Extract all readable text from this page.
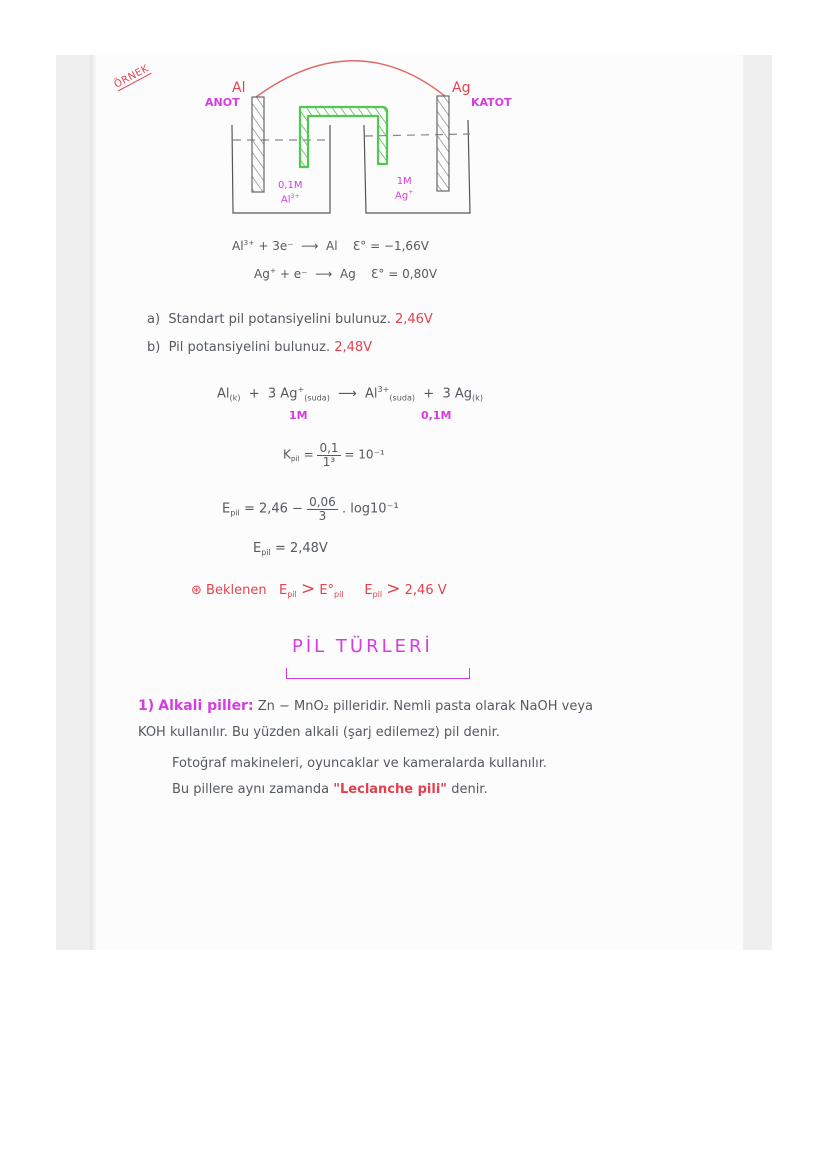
ÖRNEK	Al
ANOT
Ag
KATOT
0,1M
$Al^{3+}$
1M
Ag+
$Al^{3+} + 3e^-$  ⟶  Al Ɛ° = −1,66V
Ag+ + e⁻  ⟶  Ag Ɛ° = 0,80V
a) Standart pil potansiyelini bulunuz. 2,46V
b) Pil potansiyelini bulunuz. 2,48V
$Al_{(k)} + 3$ $Ag^+_{(suda)}$ ⟶ $Al^{3+}_{(suda)} + 3$ $Ag_{(k)}$
1M	0,1M
$K_{pil} = \frac{0,1}{\text{1³}} = 10^{-1}$
$E_{pil} = 2,46 - \frac{0,06}{3}$ . log10⁻¹
$E_{pil} = 2,48V$
⊛ Beklenen $E_{pil} > E^\circ_{pil}$ $E_{pil} > 2,46$ V
PİL TÜRLERİ
1) Alkali piller: Zn − MnO₂ pilleridir. Nemli pasta olarak NaOH veya
KOH kullanılır. Bu yüzden alkali (şarj edilemez) pil denir.
Fotoğraf makineleri, oyuncaklar ve kameralarda kullanılır.
Bu pillere aynı zamanda "Leclanche pili" denir.
